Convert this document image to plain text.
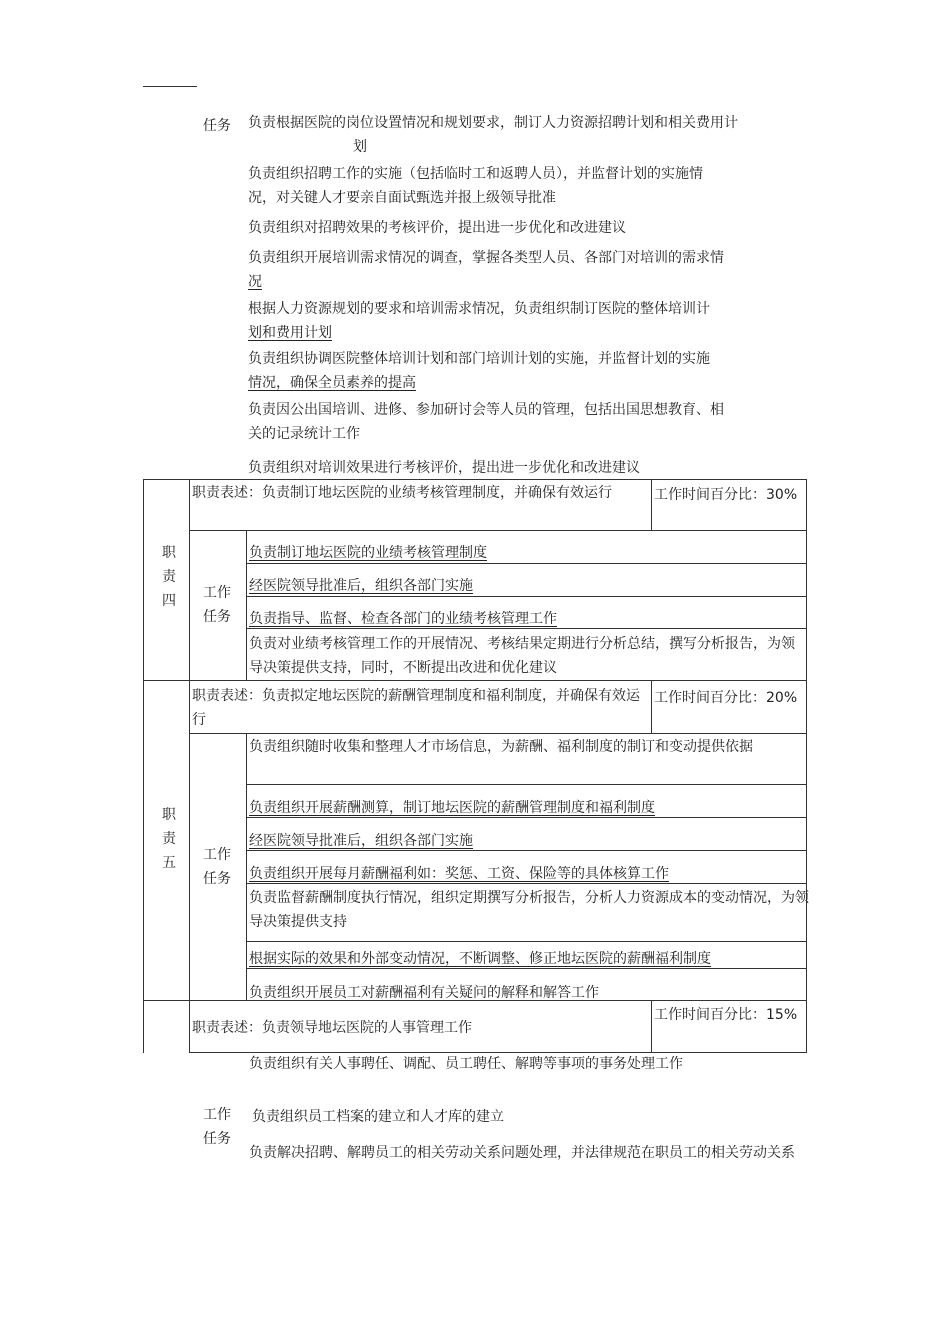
任务 负责根据医院的岗位设置情况和规划要求，制订人力资源招聘计划和相关费用计
划
负责组织招聘工作的实施（包括临时工和返聘人员），并监督计划的实施情
况，对关键人才要亲自面试甄选并报上级领导批准
负责组织对招聘效果的考核评价，提出进一步优化和改进建议
负责组织开展培训需求情况的调查，掌握各类型人员、各部门对培训的需求情
况
根据人力资源规划的要求和培训需求情况，负责组织制订医院的整体培训计
划和费用计划
负责组织协调医院整体培训计划和部门培训计划的实施，并监督计划的实施
情况，确保全员素养的提高
负责因公出国培训、进修、参加研讨会等人员的管理，包括出国思想教育、相
关的记录统计工作
负责组织对培训效果进行考核评价，提出进一步优化和改进建议
职
责
四
职责表述：负责制订地坛医院的业绩考核管理制度，并确保有效运行	工作时间百分比：30%
工作
任务
负责制订地坛医院的业绩考核管理制度
经医院领导批准后，组织各部门实施
负责指导、监督、检查各部门的业绩考核管理工作
负责对业绩考核管理工作的开展情况、考核结果定期进行分析总结，撰写分析报告，为领导决策提供支持，同时，不断提出改进和优化建议
职
责
五
职责表述：负责拟定地坛医院的薪酬管理制度和福利制度，并确保有效运行
工作时间百分比：20%
工作
任务
负责组织随时收集和整理人才市场信息，为薪酬、福利制度的制订和变动提供依据
负责组织开展薪酬测算，制订地坛医院的薪酬管理制度和福利制度
经医院领导批准后，组织各部门实施
负责组织开展每月薪酬福利如：奖惩、工资、保险等的具体核算工作
负责监督薪酬制度执行情况，组织定期撰写分析报告，分析人力资源成本的变动情况，为领导决策提供支持
根据实际的效果和外部变动情况，不断调整、修正地坛医院的薪酬福利制度
负责组织开展员工对薪酬福利有关疑问的解释和解答工作
职责表述：负责领导地坛医院的人事管理工作
工作时间百分比：15%
工作
任务
负责组织有关人事聘任、调配、员工聘任、解聘等事项的事务处理工作
负责组织员工档案的建立和人才库的建立
负责解决招聘、解聘员工的相关劳动关系问题处理，并法律规范在职员工的相关劳动关系
